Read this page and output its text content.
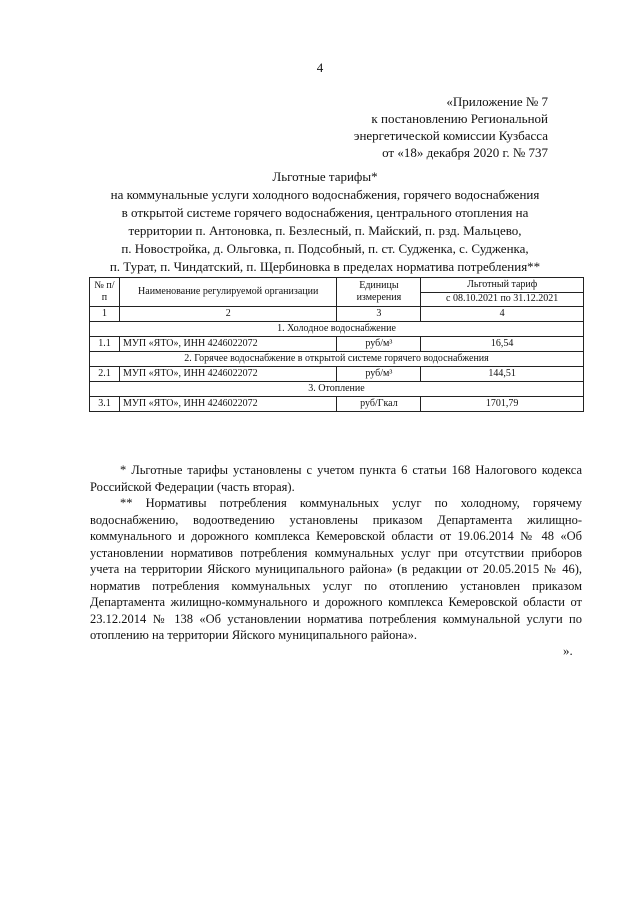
4
«Приложение № 7
к постановлению Региональной
энергетической комиссии Кузбасса
от «18» декабря 2020 г. № 737
Льготные тарифы*
на коммунальные услуги холодного водоснабжения, горячего водоснабжения
в открытой системе горячего водоснабжения, центрального отопления на
территории п. Антоновка, п. Безлесный, п. Майский, п. рзд. Мальцево,
п. Новостройка, д. Ольговка, п. Подсобный, п. ст. Судженка, с. Судженка,
п. Турат, п. Чиндатский, п. Щербиновка в пределах норматива потребления**
№ п/п	Наименование регулируемой организации	Единицы измерения	Льготный тариф
с 08.10.2021 по 31.12.2021

1	2	3	4
1. Холодное водоснабжение			
1.1	МУП «ЯТО», ИНН 4246022072	руб/м³	16,54
2. Горячее водоснабжение в открытой системе горячего водоснабжения			
2.1	МУП «ЯТО», ИНН 4246022072	руб/м³	144,51
3. Отопление			
3.1	МУП «ЯТО», ИНН 4246022072	руб/Гкал	1701,79

* Льготные тарифы установлены с учетом пункта 6 статьи 168 Налогового кодекса Российской Федерации (часть вторая).

** Нормативы потребления коммунальных услуг по холодному, горячему водоснабжению, водоотведению установлены приказом Департамента жилищно-коммунального и дорожного комплекса Кемеровской области от 19.06.2014 № 48 «Об установлении нормативов потребления коммунальных услуг при отсутствии приборов учета на территории Яйского муниципального района» (в редакции от 20.05.2015 № 46), норматив потребления коммунальных услуг по отоплению установлен приказом Департамента жилищно-коммунального и дорожного комплекса Кемеровской области от 23.12.2014 № 138 «Об установлении норматива потребления коммунальной услуги по отоплению на территории Яйского муниципального района».

».
